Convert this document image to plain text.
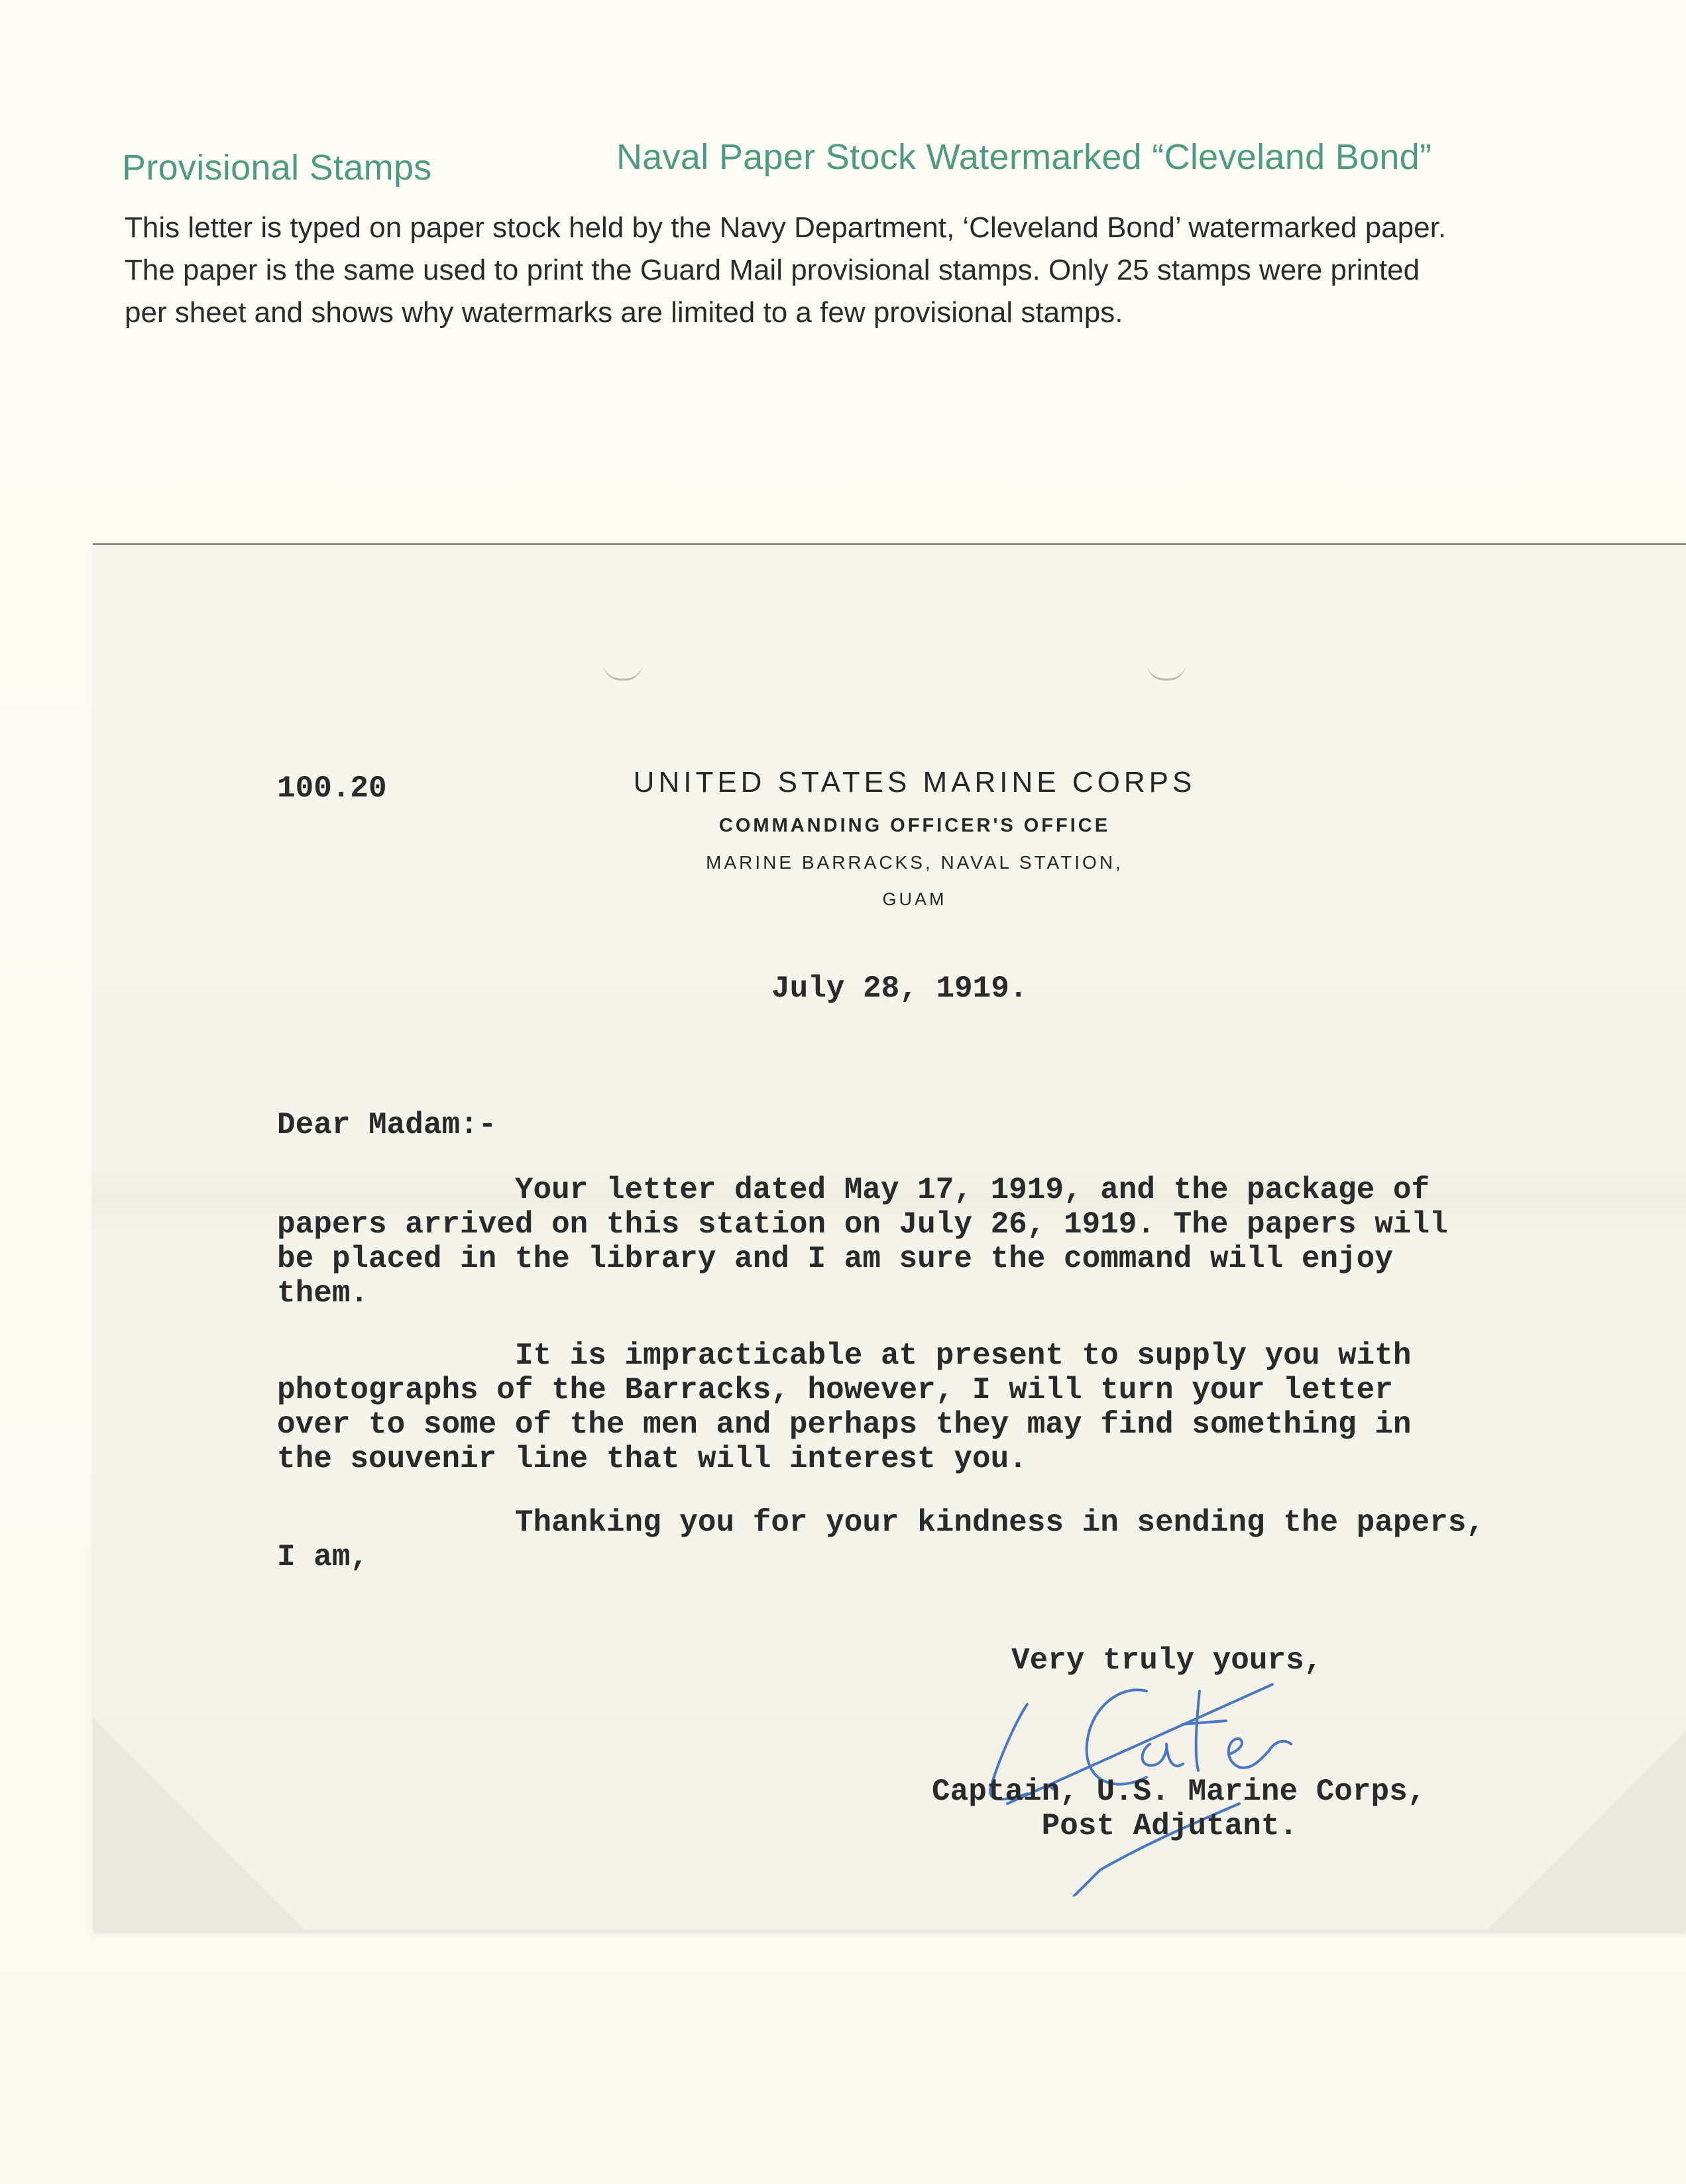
Provisional Stamps	Naval Paper Stock Watermarked “Cleveland Bond”

This letter is typed on paper stock held by the Navy Department, ‘Cleveland Bond’ watermarked paper.

The paper is the same used to print the Guard Mail provisional stamps. Only 25 stamps were printed

per sheet and shows why watermarks are limited to a few provisional stamps.

100.20	UNITED STATES MARINE CORPS
COMMANDING OFFICER'S OFFICE
MARINE BARRACKS, NAVAL STATION,
GUAM
July 28, 1919.
Dear Madam:-
Your letter dated May 17, 1919, and the package of
papers arrived on this station on July 26, 1919. The papers will
be placed in the library and I am sure the command will enjoy
them.
It is impracticable at present to supply you with
photographs of the Barracks, however, I will turn your letter
over to some of the men and perhaps they may find something in
the souvenir line that will interest you.
Thanking you for your kindness in sending the papers,
I am,
Very truly yours,
Captain, U.S. Marine Corps,
Post Adjutant.
